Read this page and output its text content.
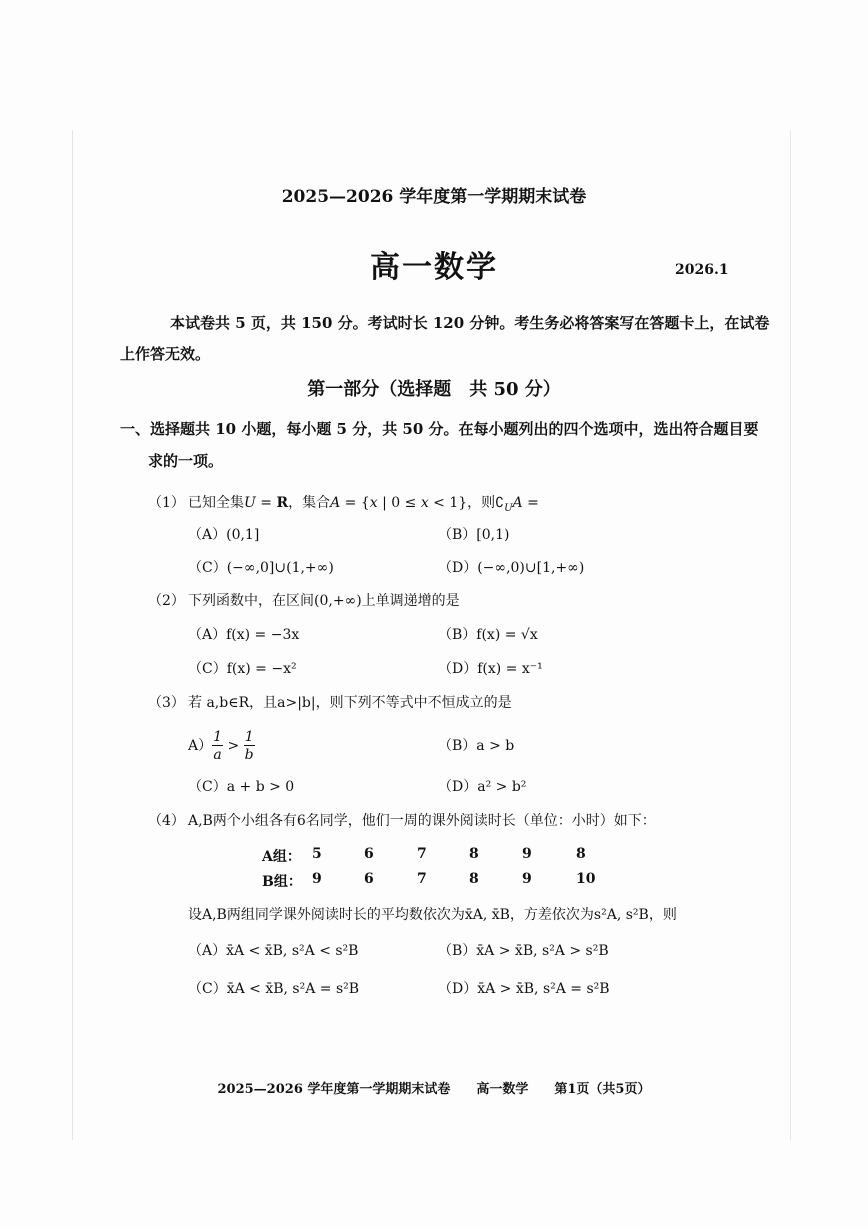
2025—2026 学年度第一学期期末试卷
高一数学	2026.1
本试卷共 5 页，共 150 分。考试时长 120 分钟。考生务必将答案写在答题卡上，在试卷
上作答无效。
第一部分（选择题　共 50 分）
一、选择题共 10 小题，每小题 5 分，共 50 分。在每小题列出的四个选项中，选出符合题目要
求的一项。
（1） 已知全集U = R，集合A = {x | 0 ≤ x < 1}，则$∁_UA$ =
（A）(0,1]	（B）[0,1)
（C）(−∞,0]∪(1,+∞)	（D）(−∞,0)∪[1,+∞)
（2） 下列函数中，在区间(0,+∞)上单调递增的是
（A）f(x) = −3x	（B）f(x) = √x
（C）f(x) = −x²	（D）f(x) = x⁻¹
（3） 若 a,b∈R，且a>|b|，则下列不等式中不恒成立的是
$A) \frac{1}{a} > \frac{1}{b}$	（B）a > b
（C）a + b > 0	（D）a² > b²
（4） A,B两个小组各有6名同学，他们一周的课外阅读时长（单位：小时）如下：
A组： 5	6	7	8	9	8
B组： 9	6	7	8	9	10
设A,B两组同学课外阅读时长的平均数依次为x̄A, x̄B，方差依次为s²A, s²B，则
（A）x̄A < x̄B, s²A < s²B	（B）x̄A > x̄B, s²A > s²B
（C）x̄A < x̄B, s²A = s²B	（D）x̄A > x̄B, s²A = s²B
2025—2026 学年度第一学期期末试卷　　高一数学　　第1页（共5页）
